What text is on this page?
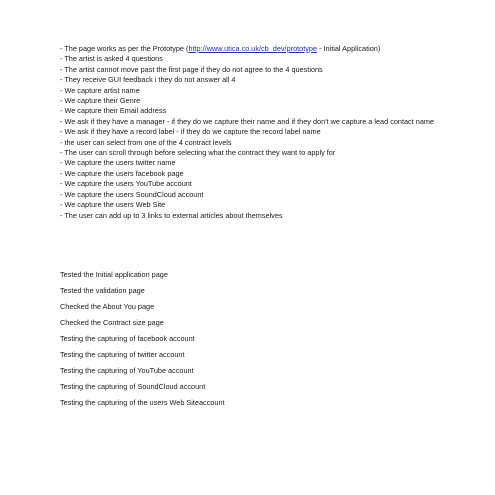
- The page works as per the Prototype (http://www.utica.co.uk/cb_dev/prototype - Initial Application)
- The artist is asked 4 questions
- The artist cannot move past the first page if they do not agree to the 4 questions
- They receive GUI feedback i they do not answer all 4
- We capture artist name
- We capture their Genre
- We capture their Email address
- We ask if they have a manager - if they do we capture their name and if they don't we capture a lead contact name
- We ask if they have a record label - if they do we capture the record label name
- the user can select from one of the 4 contract levels
- The user can scroll through before selecting what the contract they want to apply for
- We capture the users twitter name
- We capture the users facebook page
- We capture the users YouTube account
- We capture the users SoundCloud account
- We capture the users Web Site
- The user can add up to 3 links to external articles about themselves
Tested the Initial application page
Tested the validation page
Checked the About You page
Checked the Contract size page
Testing the capturing of facebook account
Testing the capturing of twitter account
Testing the capturing of YouTube account
Testing the capturing of SoundCloud account
Testing the capturing of the users Web Siteaccount
